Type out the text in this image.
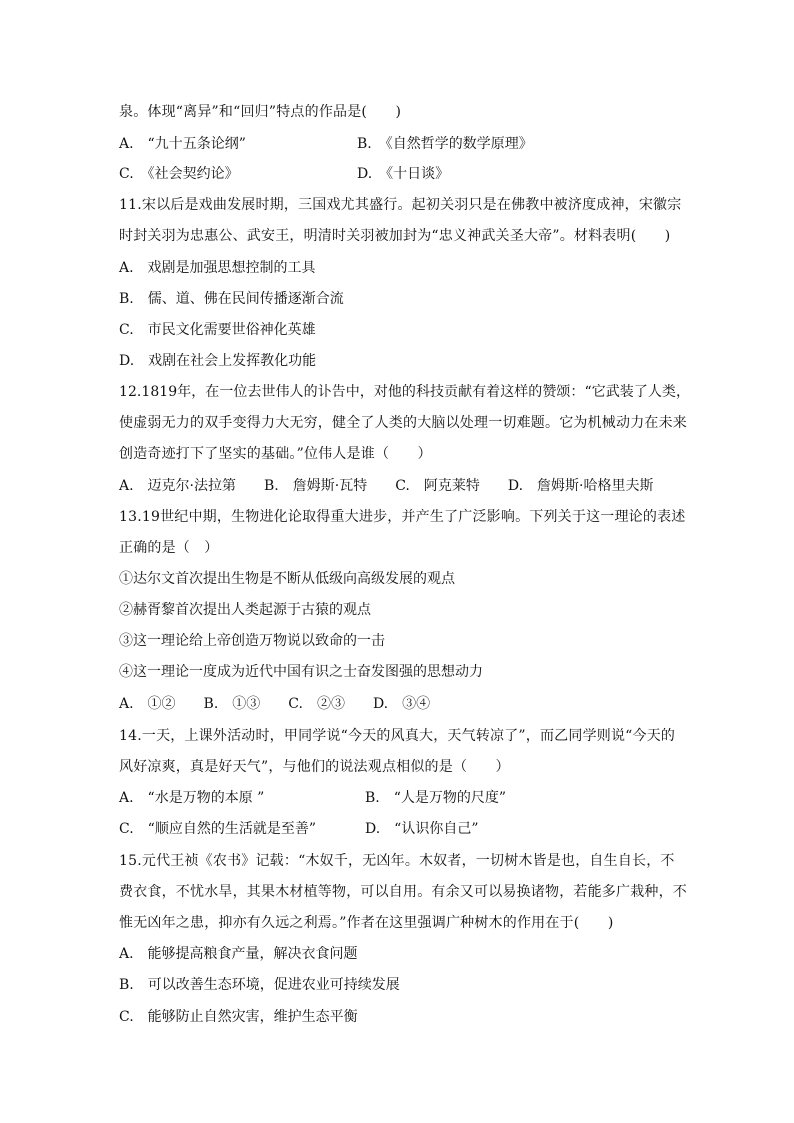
泉。体现“离异”和“回归”特点的作品是(　　)
A.　“九十五条论纲”	B.　《自然哲学的数学原理》
C.　《社会契约论》	D.　《十日谈》
11.宋以后是戏曲发展时期，三国戏尤其盛行。起初关羽只是在佛教中被济度成神，宋徽宗
时封关羽为忠惠公、武安王，明清时关羽被加封为“忠义神武关圣大帝”。材料表明(　　)
A.　戏剧是加强思想控制的工具
B.　儒、道、佛在民间传播逐渐合流
C.　市民文化需要世俗神化英雄
D.　戏剧在社会上发挥教化功能
12.1819年，在一位去世伟人的讣告中，对他的科技贡献有着这样的赞颂：“它武装了人类，
使虚弱无力的双手变得力大无穷，健全了人类的大脑以处理一切难题。它为机械动力在未来
创造奇迹打下了坚实的基础。”位伟人是谁（　　）
A.　迈克尔·法拉第　　B.　詹姆斯·瓦特　　C.　阿克莱特　　D.　詹姆斯·哈格里夫斯
13.19世纪中期，生物进化论取得重大进步，并产生了广泛影响。下列关于这一理论的表述
正确的是（　）
①达尔文首次提出生物是不断从低级向高级发展的观点
②赫胥黎首次提出人类起源于古猿的观点
③这一理论给上帝创造万物说以致命的一击
④这一理论一度成为近代中国有识之士奋发图强的思想动力
A.　①②　　B.　①③　　C.　②③　　D.　③④
14.一天，上课外活动时，甲同学说“今天的风真大，天气转凉了”，而乙同学则说“今天的
风好凉爽，真是好天气”，与他们的说法观点相似的是（　　）
A.　“水是万物的本原 ”	B.　“人是万物的尺度”
C.　“顺应自然的生活就是至善”	D.　“认识你自己”
15.元代王祯《农书》记载：“木奴千，无凶年。木奴者，一切树木皆是也，自生自长，不
费衣食，不忧水旱，其果木材植等物，可以自用。有余又可以易换诸物，若能多广栽种，不
惟无凶年之患，抑亦有久远之利焉。”作者在这里强调广种树木的作用在于(　　)
A.　能够提高粮食产量，解决衣食问题
B.　可以改善生态环境，促进农业可持续发展
C.　能够防止自然灾害，维护生态平衡
